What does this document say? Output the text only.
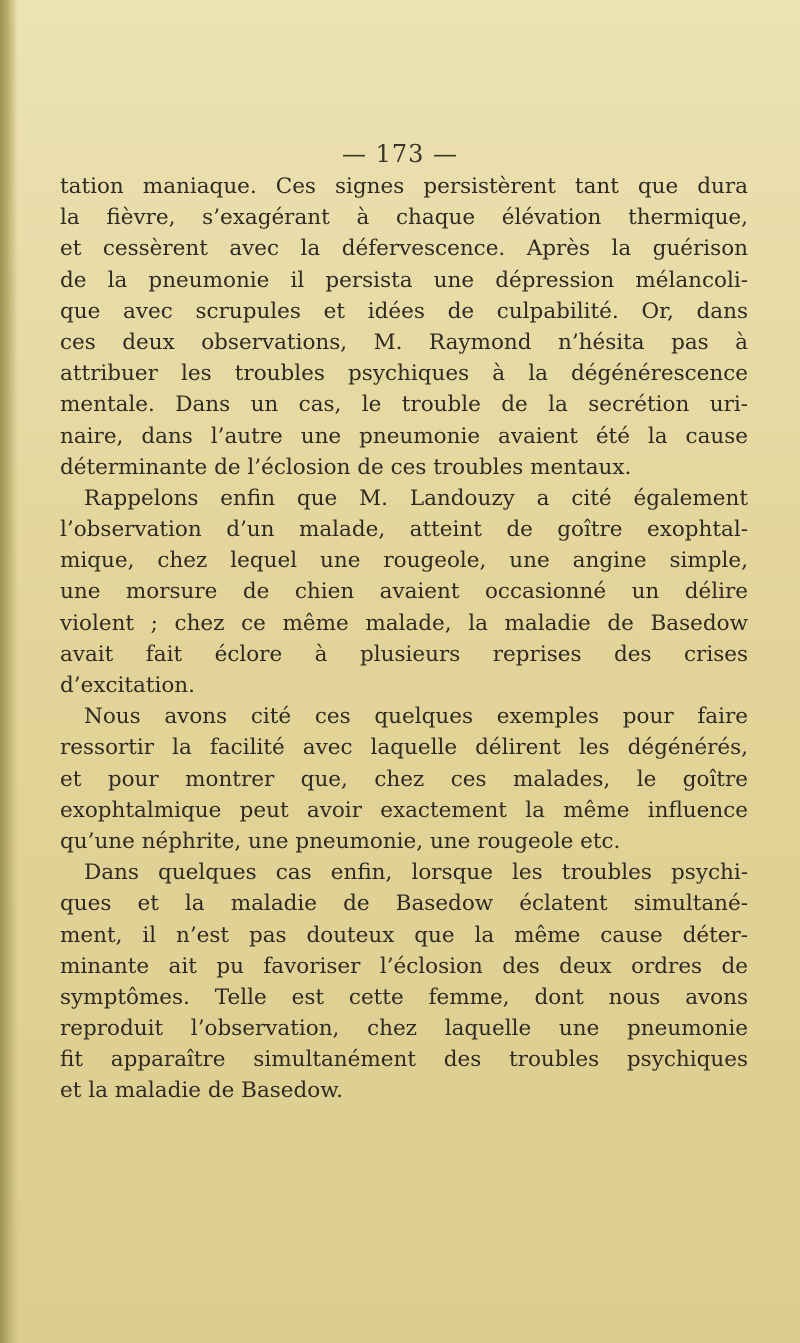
— 173 —
tation maniaque. Ces signes persistèrent tant que dura
la fièvre, s’exagérant à chaque élévation thermique,
et cessèrent avec la défervescence. Après la guérison
de la pneumonie il persista une dépression mélancoli-
que avec scrupules et idées de culpabilité. Or, dans
ces deux observations, M. Raymond n’hésita pas à
attribuer les troubles psychiques à la dégénérescence
mentale. Dans un cas, le trouble de la secrétion uri-
naire, dans l’autre une pneumonie avaient été la cause
déterminante de l’éclosion de ces troubles mentaux.
Rappelons enfin que M. Landouzy a cité également
l’observation d’un malade, atteint de goître exophtal-
mique, chez lequel une rougeole, une angine simple,
une morsure de chien avaient occasionné un délire
violent ; chez ce même malade, la maladie de Basedow
avait fait éclore à plusieurs reprises des crises
d’excitation.
Nous avons cité ces quelques exemples pour faire
ressortir la facilité avec laquelle délirent les dégénérés,
et pour montrer que, chez ces malades, le goître
exophtalmique peut avoir exactement la même influence
qu’une néphrite, une pneumonie, une rougeole etc.
Dans quelques cas enfin, lorsque les troubles psychi-
ques et la maladie de Basedow éclatent simultané-
ment, il n’est pas douteux que la même cause déter-
minante ait pu favoriser l’éclosion des deux ordres de
symptômes. Telle est cette femme, dont nous avons
reproduit l’observation, chez laquelle une pneumonie
fit apparaître simultanément des troubles psychiques
et la maladie de Basedow.
